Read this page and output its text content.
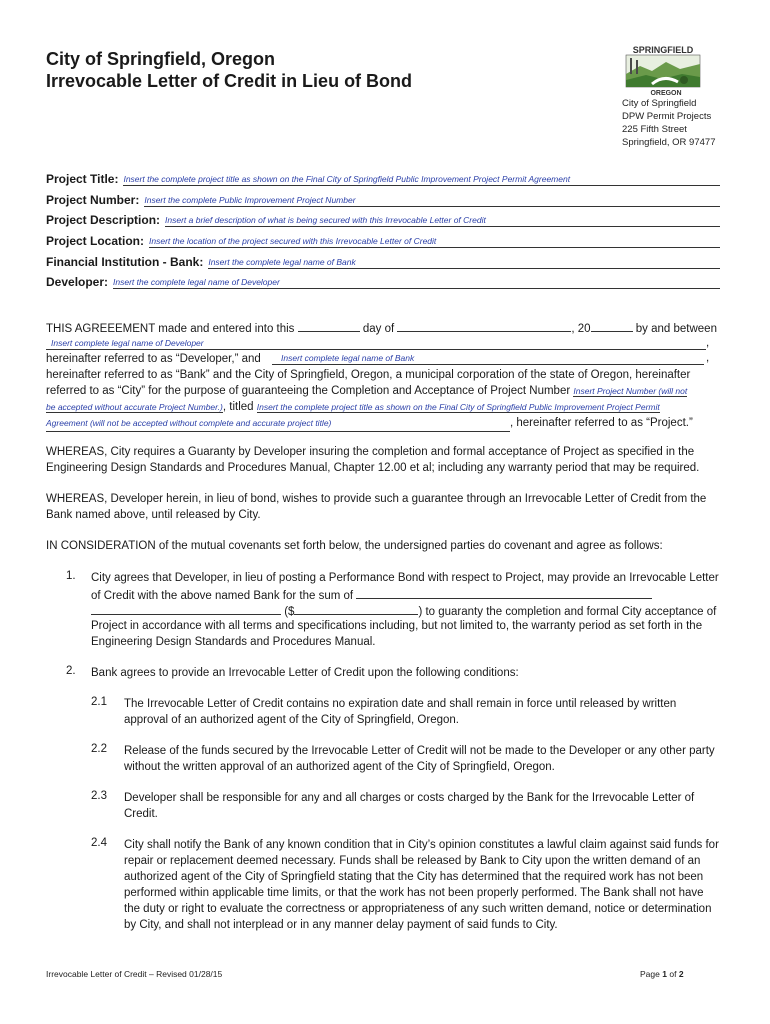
City of Springfield, Oregon
Irrevocable Letter of Credit in Lieu of Bond
SPRINGFIELD
OREGON
City of Springfield
DPW Permit Projects
225 Fifth Street
Springfield, OR 97477
Project Title: Insert the complete project title as shown on the Final City of Springfield Public Improvement Project Permit Agreement
Project Number: Insert the complete Public Improvement Project Number
Project Description: Insert a brief description of what is being secured with this Irrevocable Letter of Credit
Project Location: Insert the location of the project secured with this Irrevocable Letter of Credit
Financial Institution - Bank: Insert the complete legal name of Bank
Developer: Insert the complete legal name of Developer
THIS AGREEEMENT made and entered into this	day of	, 20	by and between
Insert complete legal name of Developer	,
hereinafter referred to as “Developer,” and Insert complete legal name of Bank	,
hereinafter referred to as “Bank” and the City of Springfield, Oregon, a municipal corporation of the state of Oregon, hereinafter
referred to as “City” for the purpose of guaranteeing the Completion and Acceptance of Project Number Insert Project Number (will not
be accepted without accurate Project Number.), titled Insert the complete project title as shown on the Final City of Springfield Public Improvement Project Permit
Agreement (will not be accepted without complete and accurate project title)	, hereinafter referred to as “Project.”
WHEREAS, City requires a Guaranty by Developer insuring the completion and formal acceptance of Project as specified in the Engineering Design Standards and Procedures Manual, Chapter 12.00 et al; including any warranty period that may be required.
WHEREAS, Developer herein, in lieu of bond, wishes to provide such a guarantee through an Irrevocable Letter of Credit from the Bank named above, until released by City.
IN CONSIDERATION of the mutual covenants set forth below, the undersigned parties do covenant and agree as follows:
1. City agrees that Developer, in lieu of posting a Performance Bond with respect to Project, may provide an Irrevocable Letter
of Credit with the above named Bank for the sum of
($	) to guaranty the completion and formal City acceptance of
Project in accordance with all terms and specifications including, but not limited to, the warranty period as set forth in the
Engineering Design Standards and Procedures Manual.
2. Bank agrees to provide an Irrevocable Letter of Credit upon the following conditions:
2.1 The Irrevocable Letter of Credit contains no expiration date and shall remain in force until released by written approval of an authorized agent of the City of Springfield, Oregon.
2.2 Release of the funds secured by the Irrevocable Letter of Credit will not be made to the Developer or any other party without the written approval of an authorized agent of the City of Springfield, Oregon.
2.3 Developer shall be responsible for any and all charges or costs charged by the Bank for the Irrevocable Letter of Credit.
2.4 City shall notify the Bank of any known condition that in City’s opinion constitutes a lawful claim against said funds for repair or replacement deemed necessary. Funds shall be released by Bank to City upon the written demand of an authorized agent of the City of Springfield stating that the City has determined that the required work has not been performed within applicable time limits, or that the work has not been properly performed. The Bank shall not have the duty or right to evaluate the correctness or appropriateness of any such written demand, notice or determination by City, and shall not interplead or in any manner delay payment of said funds to City.
Irrevocable Letter of Credit – Revised 01/28/15	Page 1 of 2
